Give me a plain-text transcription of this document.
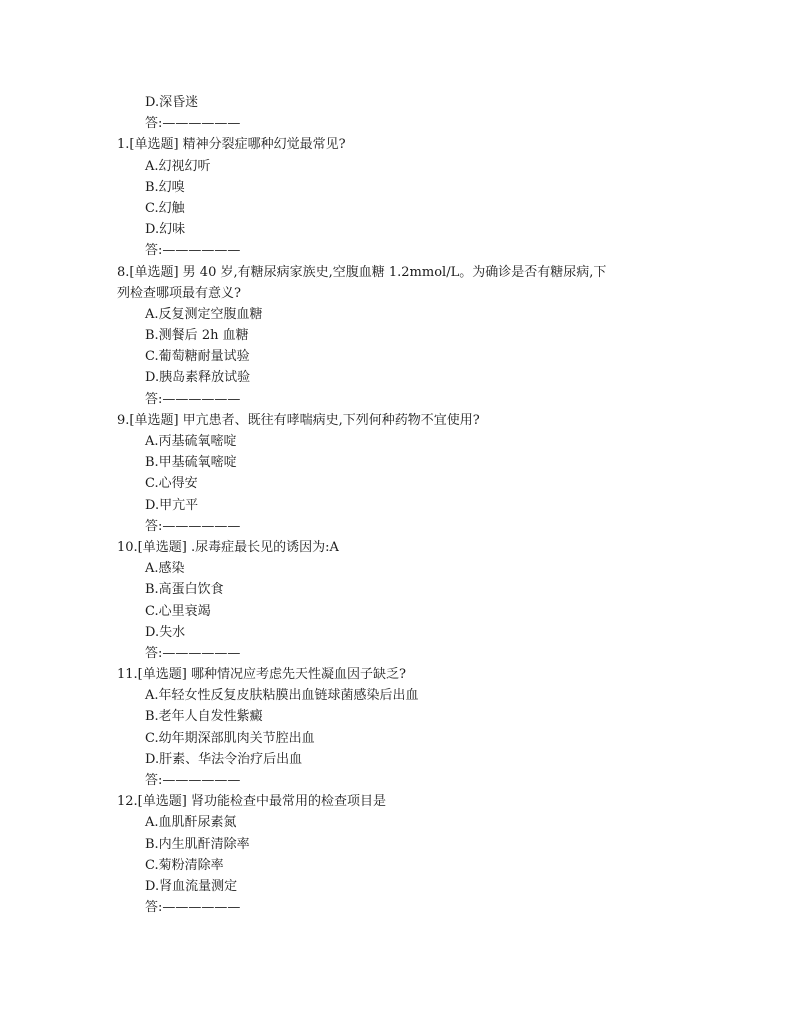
D.深昏迷
答:——————
1.[单选题] 精神分裂症哪种幻觉最常见?
A.幻视幻听
B.幻嗅
C.幻触
D.幻味
答:——————
8.[单选题] 男 40 岁,有糖尿病家族史,空腹血糖 1.2mmol/L。为确诊是否有糖尿病,下
列检查哪项最有意义?
A.反复测定空腹血糖
B.测餐后 2h 血糖
C.葡萄糖耐量试验
D.胰岛素释放试验
答:——————
9.[单选题] 甲亢患者、既往有哮喘病史,下列何种药物不宜使用?
A.丙基硫氧嘧啶
B.甲基硫氧嘧啶
C.心得安
D.甲亢平
答:——————
10.[单选题] .尿毒症最长见的诱因为:A
A.感染
B.高蛋白饮食
C.心里衰竭
D.失水
答:——————
11.[单选题] 哪种情况应考虑先天性凝血因子缺乏?
A.年轻女性反复皮肤粘膜出血链球菌感染后出血
B.老年人自发性紫癜
C.幼年期深部肌肉关节腔出血
D.肝素、华法令治疗后出血
答:——————
12.[单选题] 肾功能检查中最常用的检查项目是
A.血肌酐尿素氮
B.内生肌酐清除率
C.菊粉清除率
D.肾血流量测定
答:——————
